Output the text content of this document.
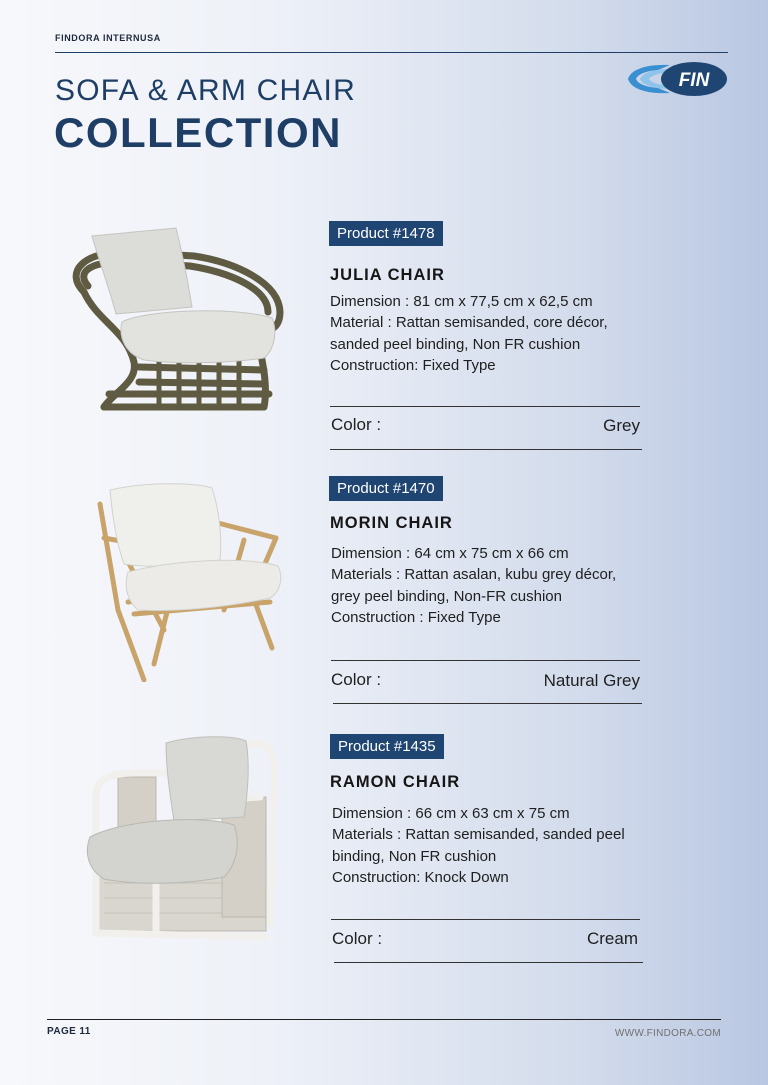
FINDORA INTERNUSA
SOFA & ARM CHAIR
COLLECTION
FIN
Product #1478
JULIA CHAIR
Dimension : 81 cm x 77,5 cm x 62,5 cm
Material : Rattan semisanded, core décor, sanded peel binding, Non FR cushion
Construction: Fixed Type
Color :	Grey
Product #1470
MORIN CHAIR
Dimension : 64 cm x 75 cm x 66 cm
Materials : Rattan asalan, kubu grey décor, grey peel binding, Non-FR cushion
Construction : Fixed Type
Color :	Natural Grey
Product #1435
RAMON CHAIR
Dimension : 66 cm x 63 cm x 75 cm
Materials : Rattan semisanded, sanded peel binding, Non FR cushion
Construction: Knock Down
Color :	Cream
PAGE 11	WWW.FINDORA.COM
